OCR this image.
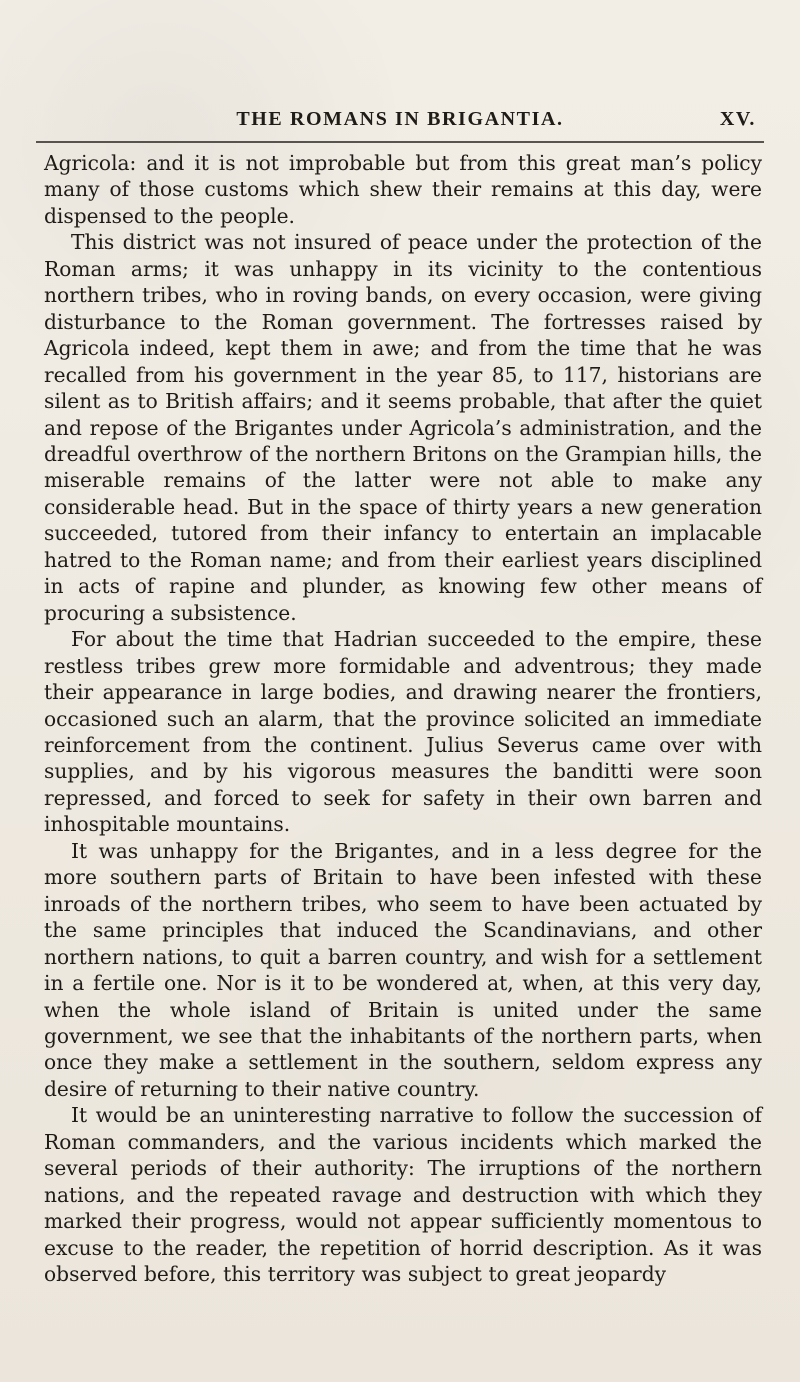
THE ROMANS IN BRIGANTIA.	XV.

Agricola: and it is not improbable but from this great man’s policy many of those customs which shew their remains at this day, were dispensed to the people.

This district was not insured of peace under the protection of the Roman arms; it was unhappy in its vicinity to the contentious northern tribes, who in roving bands, on every occasion, were giving disturbance to the Roman government. The fortresses raised by Agricola indeed, kept them in awe; and from the time that he was recalled from his government in the year 85, to 117, historians are silent as to British affairs; and it seems probable, that after the quiet and repose of the Brigantes under Agricola’s administration, and the dreadful overthrow of the northern Britons on the Grampian hills, the miserable remains of the latter were not able to make any considerable head. But in the space of thirty years a new generation succeeded, tutored from their infancy to entertain an implacable hatred to the Roman name; and from their earliest years disciplined in acts of rapine and plunder, as knowing few other means of procuring a subsistence.

For about the time that Hadrian succeeded to the empire, these restless tribes grew more formidable and adventrous; they made their appearance in large bodies, and drawing nearer the frontiers, occasioned such an alarm, that the province solicited an immediate reinforcement from the continent. Julius Severus came over with supplies, and by his vigorous measures the banditti were soon repressed, and forced to seek for safety in their own barren and inhospitable mountains.

It was unhappy for the Brigantes, and in a less degree for the more southern parts of Britain to have been infested with these inroads of the northern tribes, who seem to have been actuated by the same principles that induced the Scandinavians, and other northern nations, to quit a barren country, and wish for a settlement in a fertile one. Nor is it to be wondered at, when, at this very day, when the whole island of Britain is united under the same government, we see that the inhabitants of the northern parts, when once they make a settlement in the southern, seldom express any desire of returning to their native country.

It would be an uninteresting narrative to follow the succession of Roman commanders, and the various incidents which marked the several periods of their authority: The irruptions of the northern nations, and the repeated ravage and destruction with which they marked their progress, would not appear sufficiently momentous to excuse to the reader, the repetition of horrid description. As it was observed before, this territory was subject to great jeopardy
